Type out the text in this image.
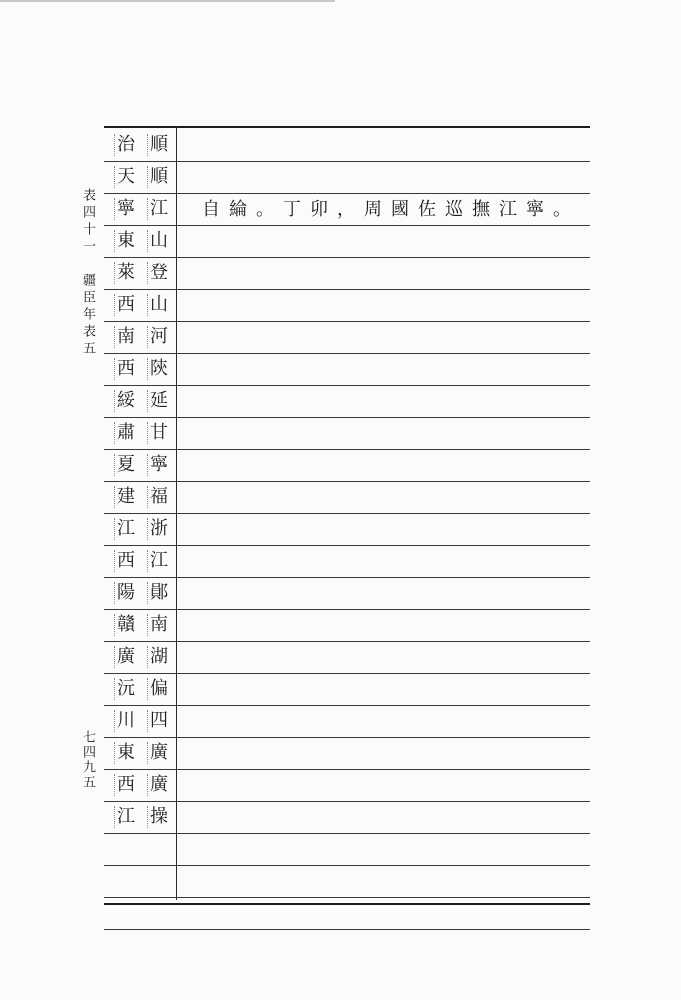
表四十一　疆臣年表五
七四九五
順
治
順
天
江
寧	自綸。丁卯，周國佐巡撫江寧。
山
東
登
萊
山
西
河
南
陝
西
延
綏
甘
肅
寧
夏
福
建
浙
江
江
西
鄖
陽
南
贛
湖
廣
偏
沅
四
川
廣
東
廣
西
操
江
